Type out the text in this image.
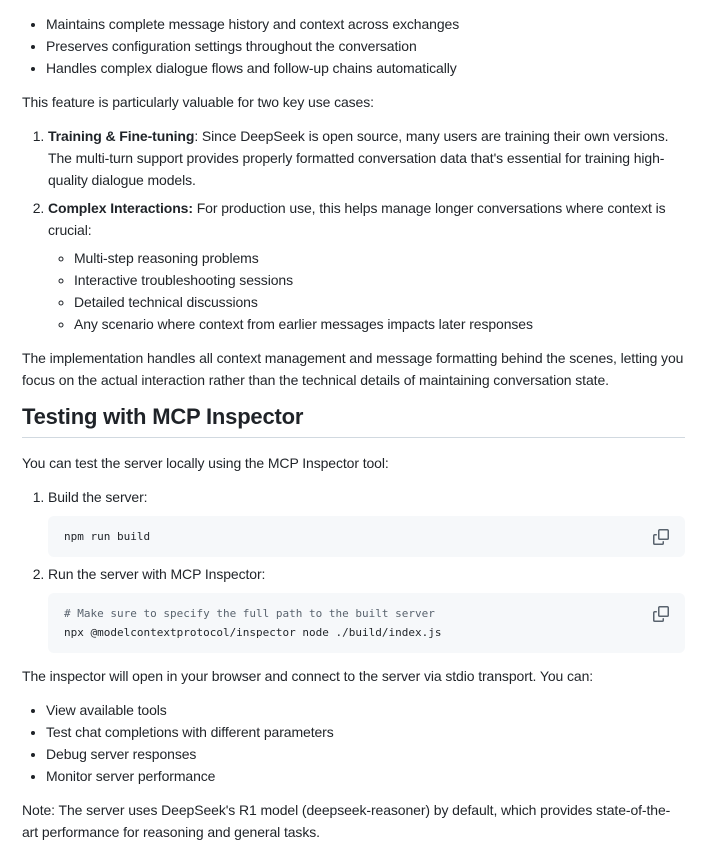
• Maintains complete message history and context across exchanges
• Preserves configuration settings throughout the conversation
• Handles complex dialogue flows and follow-up chains automatically

This feature is particularly valuable for two key use cases:

1. Training & Fine-tuning: Since DeepSeek is open source, many users are training their own versions. The multi-turn support provides properly formatted conversation data that's essential for training high-quality dialogue models.
2. Complex Interactions: For production use, this helps manage longer conversations where context is crucial:
◦ Multi-step reasoning problems
◦ Interactive troubleshooting sessions
◦ Detailed technical discussions
◦ Any scenario where context from earlier messages impacts later responses

The implementation handles all context management and message formatting behind the scenes, letting you focus on the actual interaction rather than the technical details of maintaining conversation state.

Testing with MCP Inspector

You can test the server locally using the MCP Inspector tool:

1. Build the server:
npm run build
2. Run the server with MCP Inspector:
# Make sure to specify the full path to the built server
npx @modelcontextprotocol/inspector node ./build/index.js

The inspector will open in your browser and connect to the server via stdio transport. You can:

• View available tools
• Test chat completions with different parameters
• Debug server responses
• Monitor server performance

Note: The server uses DeepSeek's R1 model (deepseek-reasoner) by default, which provides state-of-the-art performance for reasoning and general tasks.
